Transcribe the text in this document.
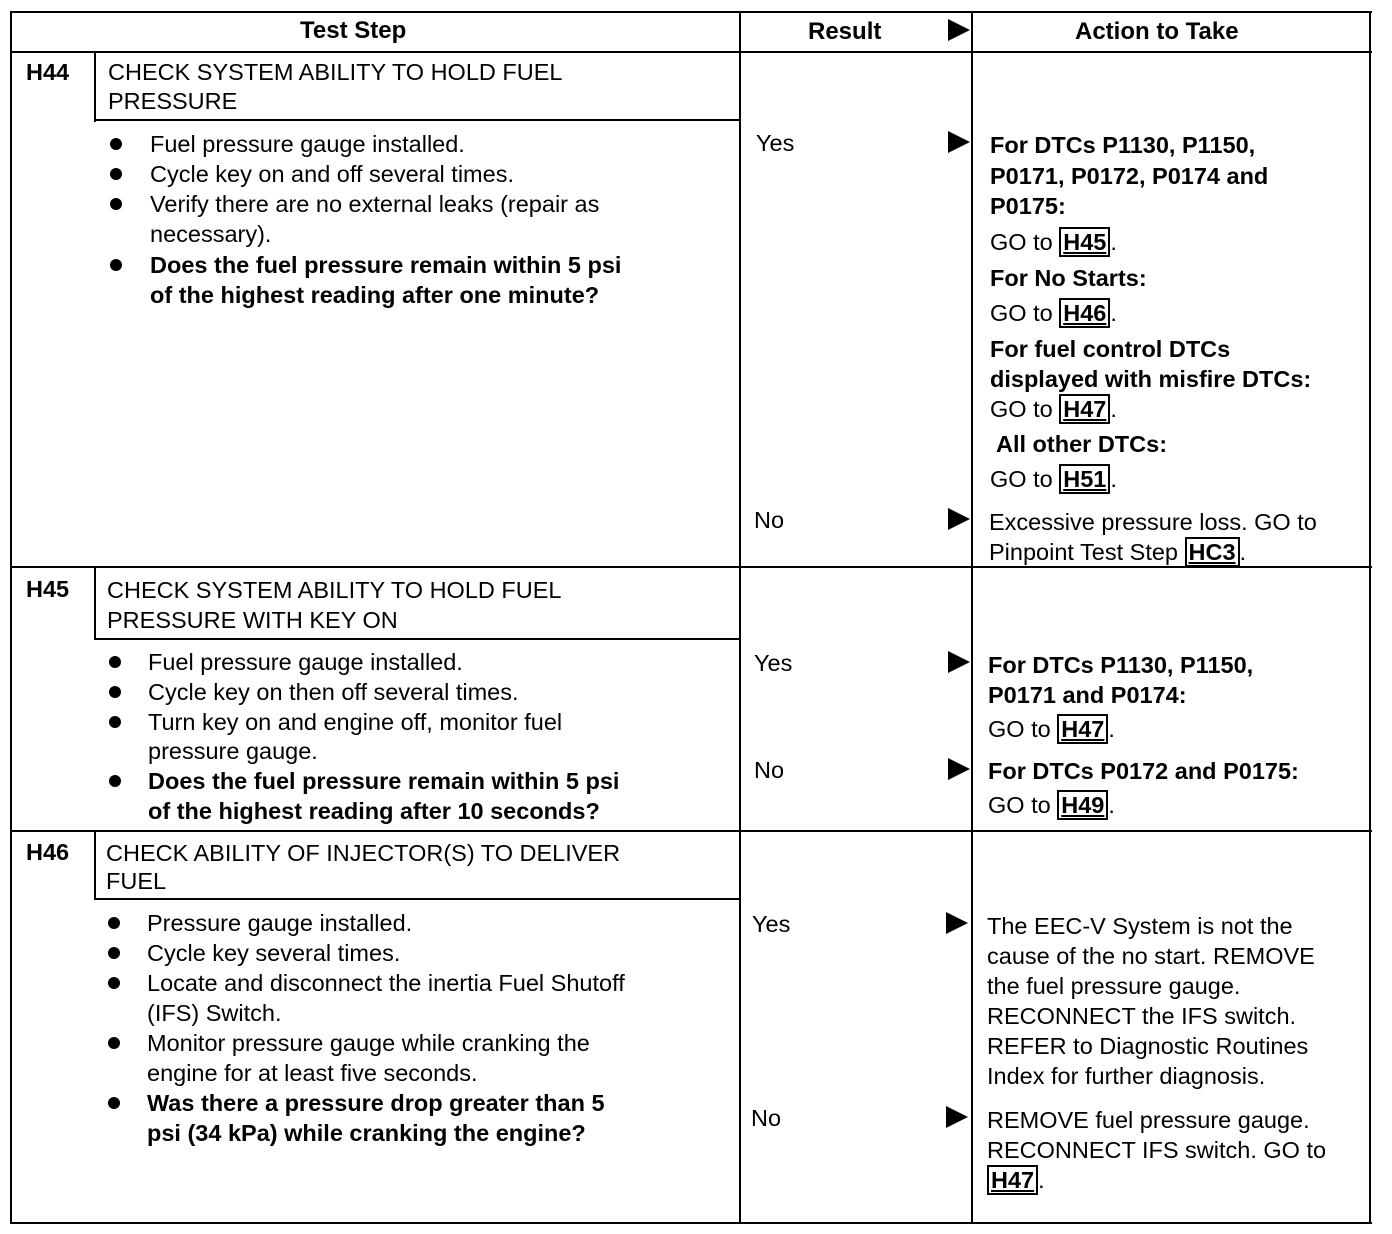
Test Step	Result	Action to Take
H44 CHECK SYSTEM ABILITY TO HOLD FUEL
PRESSURE
Fuel pressure gauge installed.
Cycle key on and off several times.
Verify there are no external leaks (repair as
necessary).
Does the fuel pressure remain within 5 psi
of the highest reading after one minute?
Yes	For DTCs P1130, P1150,
P0171, P0172, P0174 and
P0175:
GO to H45 .
For No Starts:
GO to H46 .
For fuel control DTCs
displayed with misfire DTCs:
GO to H47 .
All other DTCs:
GO to H51 .
No	Excessive pressure loss. GO to
Pinpoint Test Step HC3 .
H45 CHECK SYSTEM ABILITY TO HOLD FUEL
PRESSURE WITH KEY ON
Fuel pressure gauge installed.
Cycle key on then off several times.
Turn key on and engine off, monitor fuel
pressure gauge.
Does the fuel pressure remain within 5 psi
of the highest reading after 10 seconds?
Yes	For DTCs P1130, P1150,
P0171 and P0174:
GO to H47 .
No	For DTCs P0172 and P0175:
GO to H49 .
H46 CHECK ABILITY OF INJECTOR(S) TO DELIVER
FUEL
Pressure gauge installed.
Cycle key several times.
Locate and disconnect the inertia Fuel Shutoff
(IFS) Switch.
Monitor pressure gauge while cranking the
engine for at least five seconds.
Was there a pressure drop greater than 5
psi (34 kPa) while cranking the engine?
Yes	The EEC-V System is not the
cause of the no start. REMOVE
the fuel pressure gauge.
RECONNECT the IFS switch.
REFER to Diagnostic Routines
Index for further diagnosis.
No	REMOVE fuel pressure gauge.
RECONNECT IFS switch. GO to
H47 .
